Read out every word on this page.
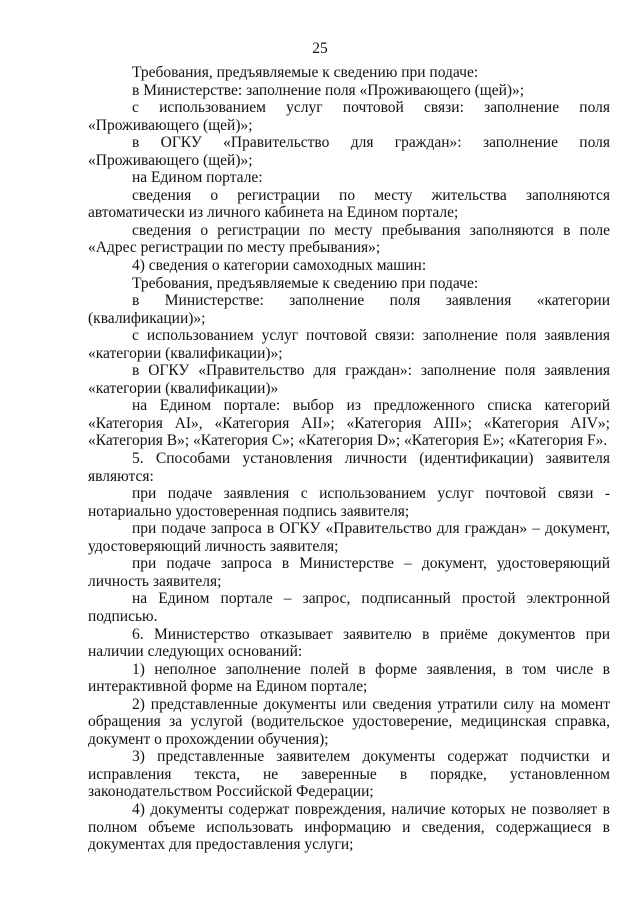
25

Требования, предъявляемые к сведению при подаче:

в Министерстве: заполнение поля «Проживающего (щей)»;

с использованием услуг почтовой связи: заполнение поля «Проживающего (щей)»;

в ОГКУ «Правительство для граждан»: заполнение поля «Проживающего (щей)»;

на Едином портале:

сведения о регистрации по месту жительства заполняются автоматически из личного кабинета на Едином портале;

сведения о регистрации по месту пребывания заполняются в поле «Адрес регистрации по месту пребывания»;

4) сведения о категории самоходных машин:

Требования, предъявляемые к сведению при подаче:

в Министерстве: заполнение поля заявления «категории (квалификации)»;

с использованием услуг почтовой связи: заполнение поля заявления «категории (квалификации)»;

в ОГКУ «Правительство для граждан»: заполнение поля заявления «категории (квалификации)»

на Едином портале: выбор из предложенного списка категорий «Категория AI», «Категория AII»; «Категория AIII»; «Категория AIV»; «Категория B»; «Категория C»; «Категория D»; «Категория E»; «Категория F».

5. Способами установления личности (идентификации) заявителя являются:

при подаче заявления с использованием услуг почтовой связи - нотариально удостоверенная подпись заявителя;

при подаче запроса в ОГКУ «Правительство для граждан» – документ, удостоверяющий личность заявителя;

при подаче запроса в Министерстве – документ, удостоверяющий личность заявителя;

на Едином портале – запрос, подписанный простой электронной подписью.

6. Министерство отказывает заявителю в приёме документов при наличии следующих оснований:

1) неполное заполнение полей в форме заявления, в том числе в интерактивной форме на Едином портале;

2) представленные документы или сведения утратили силу на момент обращения за услугой (водительское удостоверение, медицинская справка, документ о прохождении обучения);

3) представленные заявителем документы содержат подчистки и исправления текста, не заверенные в порядке, установленном законодательством Российской Федерации;

4) документы содержат повреждения, наличие которых не позволяет в полном объеме использовать информацию и сведения, содержащиеся в документах для предоставления услуги;
